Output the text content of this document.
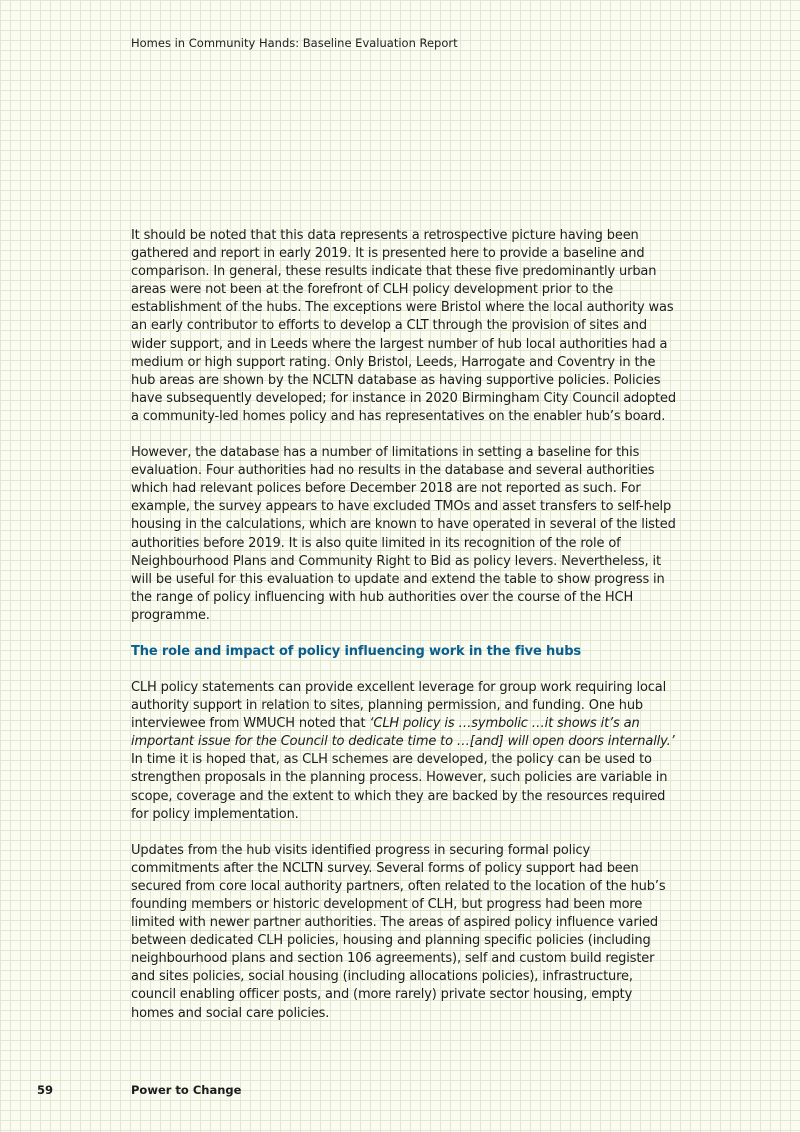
Homes in Community Hands: Baseline Evaluation Report

It should be noted that this data represents a retrospective picture having been gathered and report in early 2019. It is presented here to provide a baseline and comparison. In general, these results indicate that these five predominantly urban areas were not been at the forefront of CLH policy development prior to the establishment of the hubs. The exceptions were Bristol where the local authority was an early contributor to efforts to develop a CLT through the provision of sites and wider support, and in Leeds where the largest number of hub local authorities had a medium or high support rating. Only Bristol, Leeds, Harrogate and Coventry in the hub areas are shown by the NCLTN database as having supportive policies. Policies have subsequently developed; for instance in 2020 Birmingham City Council adopted a community-led homes policy and has representatives on the enabler hub’s board.

However, the database has a number of limitations in setting a baseline for this evaluation. Four authorities had no results in the database and several authorities which had relevant polices before December 2018 are not reported as such. For example, the survey appears to have excluded TMOs and asset transfers to self-help housing in the calculations, which are known to have operated in several of the listed authorities before 2019. It is also quite limited in its recognition of the role of Neighbourhood Plans and Community Right to Bid as policy levers. Nevertheless, it will be useful for this evaluation to update and extend the table to show progress in the range of policy influencing with hub authorities over the course of the HCH programme.

The role and impact of policy influencing work in the five hubs

CLH policy statements can provide excellent leverage for group work requiring local authority support in relation to sites, planning permission, and funding. One hub interviewee from WMUCH noted that ‘CLH policy is …symbolic …it shows it’s an important issue for the Council to dedicate time to …[and] will open doors internally.’ In time it is hoped that, as CLH schemes are developed, the policy can be used to strengthen proposals in the planning process. However, such policies are variable in scope, coverage and the extent to which they are backed by the resources required for policy implementation.

Updates from the hub visits identified progress in securing formal policy commitments after the NCLTN survey. Several forms of policy support had been secured from core local authority partners, often related to the location of the hub’s founding members or historic development of CLH, but progress had been more limited with newer partner authorities. The areas of aspired policy influence varied between dedicated CLH policies, housing and planning specific policies (including neighbourhood plans and section 106 agreements), self and custom build register and sites policies, social housing (including allocations policies), infrastructure, council enabling officer posts, and (more rarely) private sector housing, empty homes and social care policies.

59	Power to Change
